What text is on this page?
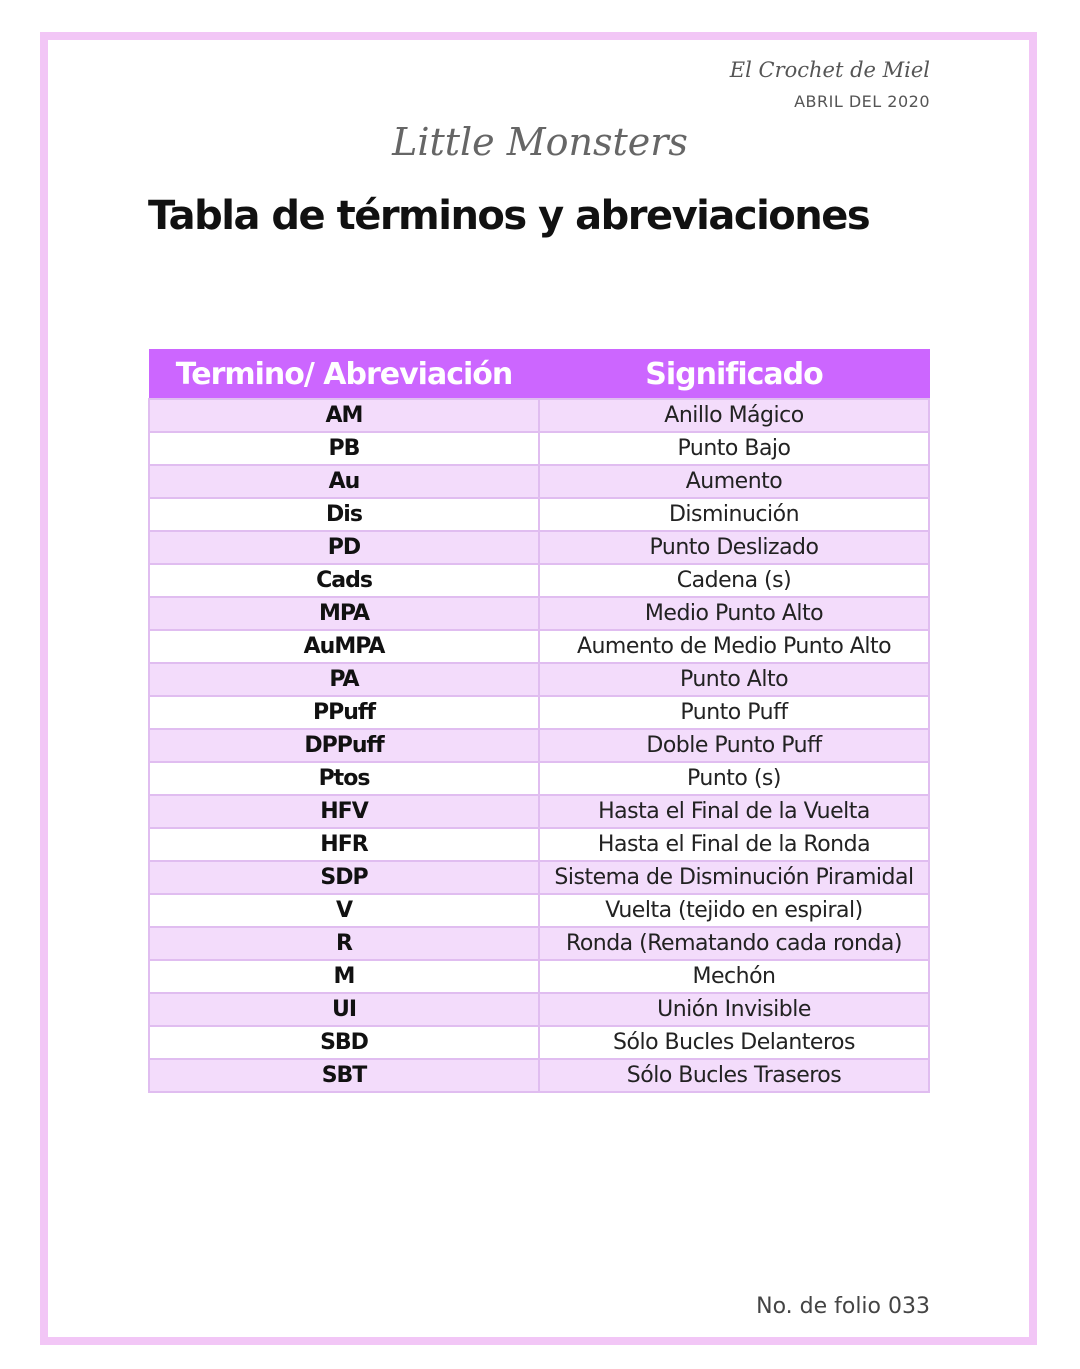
El Crochet de Miel
ABRIL DEL 2020
Little Monsters
Tabla de términos y abreviaciones
Termino/ Abreviación	Significado
AM	Anillo Mágico
PB	Punto Bajo
Au	Aumento
Dis	Disminución
PD	Punto Deslizado
Cads	Cadena (s)
MPA	Medio Punto Alto
AuMPA	Aumento de Medio Punto Alto
PA	Punto Alto
PPuff	Punto Puff
DPPuff	Doble Punto Puff
Ptos	Punto (s)
HFV	Hasta el Final de la Vuelta
HFR	Hasta el Final de la Ronda
SDP	Sistema de Disminución Piramidal
V	Vuelta (tejido en espiral)
R	Ronda (Rematando cada ronda)
M	Mechón
UI	Unión Invisible
SBD	Sólo Bucles Delanteros
SBT	Sólo Bucles Traseros
No. de folio 033
